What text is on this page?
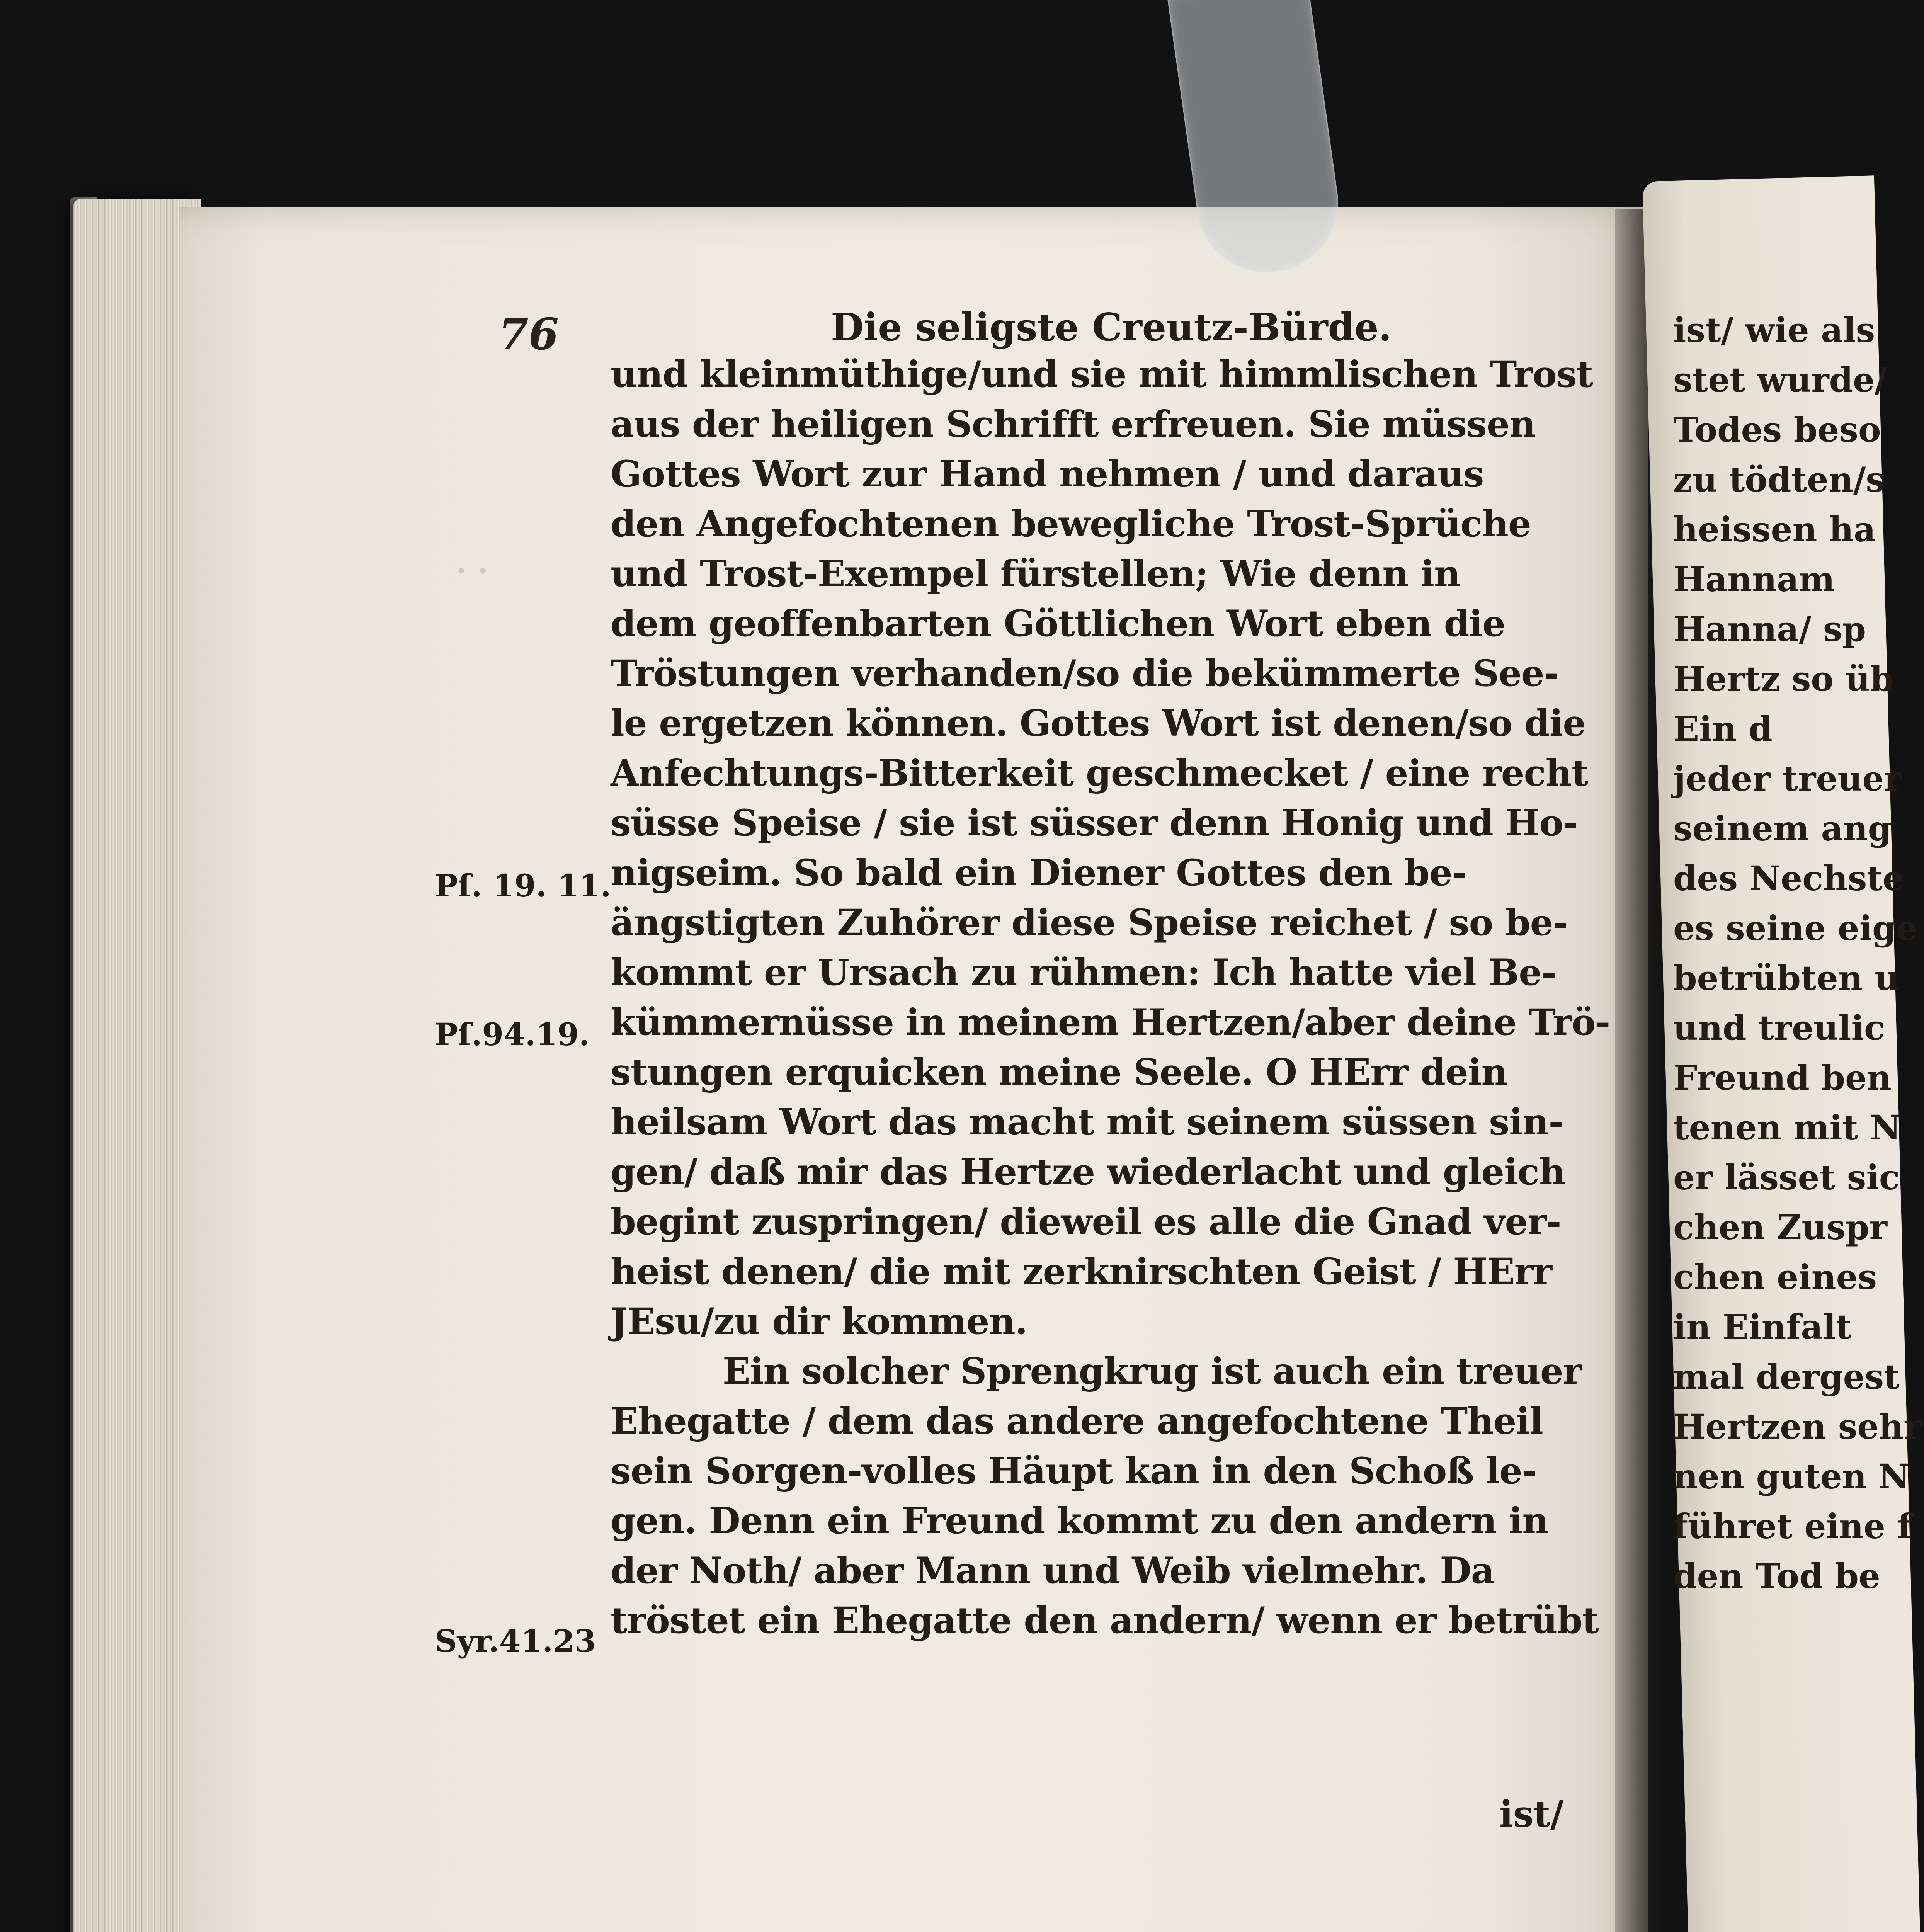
· ·
76	Die seligste Creutz-Bürde.
Pſ. 19. 11.
Pſ.94.19.
Syr.41.23
und kleinmüthige/und sie mit himmlischen Trost
aus der heiligen Schrifft erfreuen. Sie müssen
Gottes Wort zur Hand nehmen / und daraus
den Angefochtenen bewegliche Trost-Sprüche
und Trost-Exempel fürstellen; Wie denn in
dem geoffenbarten Göttlichen Wort eben die
Tröstungen verhanden/so die bekümmerte See-
le ergetzen können. Gottes Wort ist denen/so die
Anfechtungs-Bitterkeit geschmecket / eine recht
süsse Speise / sie ist süsser denn Honig und Ho-
nigseim. So bald ein Diener Gottes den be-
ängstigten Zuhörer diese Speise reichet / so be-
kommt er Ursach zu rühmen: Ich hatte viel Be-
kümmernüsse in meinem Hertzen/aber deine Trö-
stungen erquicken meine Seele. O HErr dein
heilsam Wort das macht mit seinem süssen sin-
gen/ daß mir das Hertze wiederlacht und gleich
begint zuspringen/ dieweil es alle die Gnad ver-
heist denen/ die mit zerknirschten Geist / HErr
JEsu/zu dir kommen.
Ein solcher Sprengkrug ist auch ein treuer
Ehegatte / dem das andere angefochtene Theil
sein Sorgen-volles Häupt kan in den Schoß le-
gen. Denn ein Freund kommt zu den andern in
der Noth/ aber Mann und Weib vielmehr. Da
tröstet ein Ehegatte den andern/ wenn er betrübt
ist/
ist/ wie als
stet wurde/
Todes beso
zu tödten/s
heissen ha
Hannam
Hanna/ sp
Hertz so üb
Ein d
jeder treuer
seinem ang
des Nechste
es seine eige
betrübten u
und treulic
Freund ben
tenen mit N
er lässet sic
chen Zuspr
chen eines
in Einfalt
mal dergest
Hertzen sehr
nen guten N
führet eine f
den Tod be
